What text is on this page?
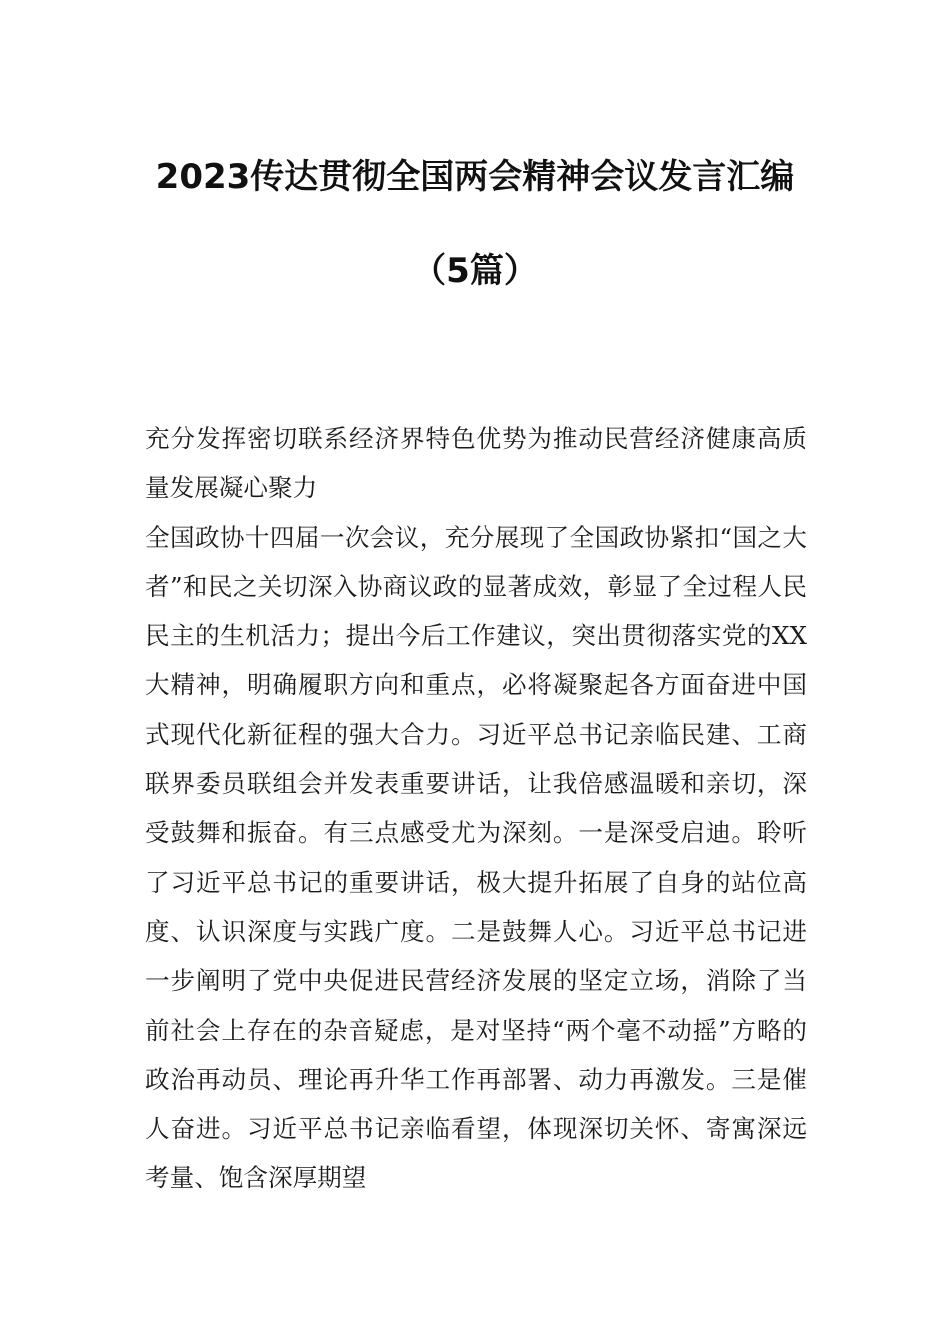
2023传达贯彻全国两会精神会议发言汇编
（5篇）

充分发挥密切联系经济界特色优势为推动民营经济健康高质量发展凝心聚力

全国政协十四届一次会议，充分展现了全国政协紧扣“国之大者”和民之关切深入协商议政的显著成效，彰显了全过程人民民主的生机活力；提出今后工作建议，突出贯彻落实党的XX大精神，明确履职方向和重点，必将凝聚起各方面奋进中国式现代化新征程的强大合力。习近平总书记亲临民建、工商联界委员联组会并发表重要讲话，让我倍感温暖和亲切，深受鼓舞和振奋。有三点感受尤为深刻。一是深受启迪。聆听了习近平总书记的重要讲话，极大提升拓展了自身的站位高度、认识深度与实践广度。二是鼓舞人心。习近平总书记进一步阐明了党中央促进民营经济发展的坚定立场，消除了当前社会上存在的杂音疑虑，是对坚持“两个毫不动摇”方略的政治再动员、理论再升华工作再部署、动力再激发。三是催人奋进。习近平总书记亲临看望，体现深切关怀、寄寓深远考量、饱含深厚期望
